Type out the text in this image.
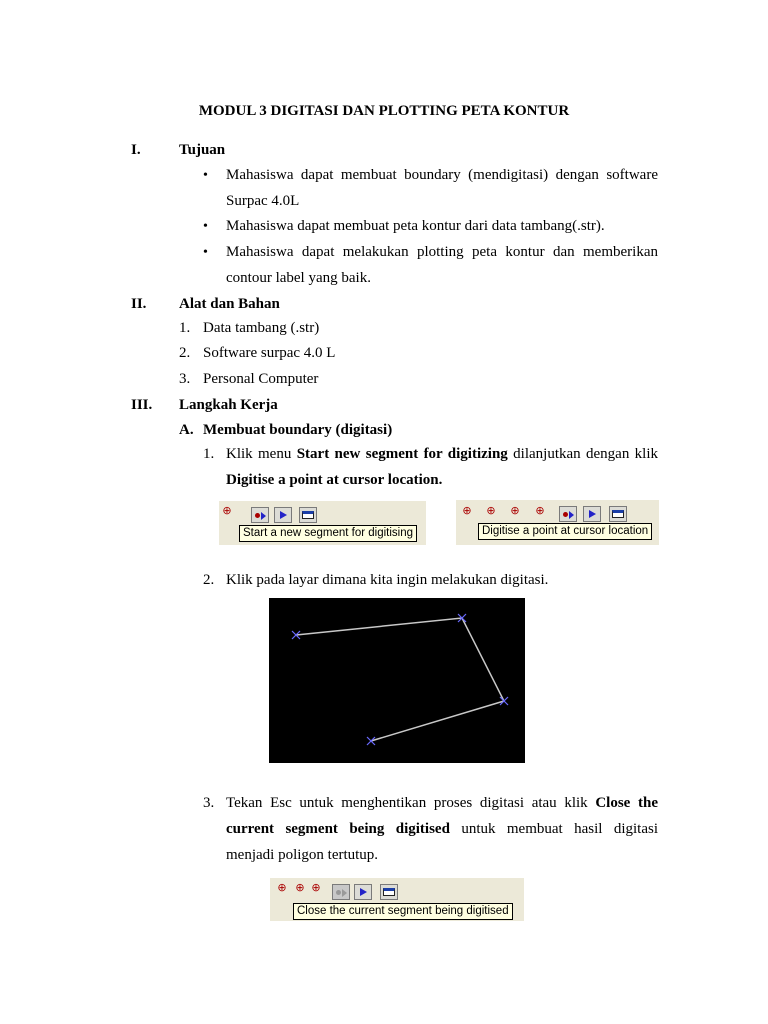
MODUL 3 DIGITASI DAN PLOTTING PETA KONTUR
I.	Tujuan
• Mahasiswa dapat membuat boundary (mendigitasi) dengan software
Surpac 4.0L
• Mahasiswa dapat membuat peta kontur dari data tambang(.str).
• Mahasiswa dapat melakukan plotting peta kontur dan memberikan
contour label yang baik.
II. Alat dan Bahan
1. Data tambang (.str)
2. Software surpac 4.0 L
3. Personal Computer
III. Langkah Kerja
A. Membuat boundary (digitasi)
1. Klik menu Start new segment for digitizing dilanjutkan dengan klik
Digitise a point at cursor location.
⊕
Start a new segment for digitising
⊕	⊕	⊕	⊕
Digitise a point at cursor location
2. Klik pada layar dimana kita ingin melakukan digitasi.
3. Tekan Esc untuk menghentikan proses digitasi atau klik Close the
current segment being digitised untuk membuat hasil digitasi
menjadi poligon tertutup.
⊕ ⊕ ⊕
Close the current segment being digitised
